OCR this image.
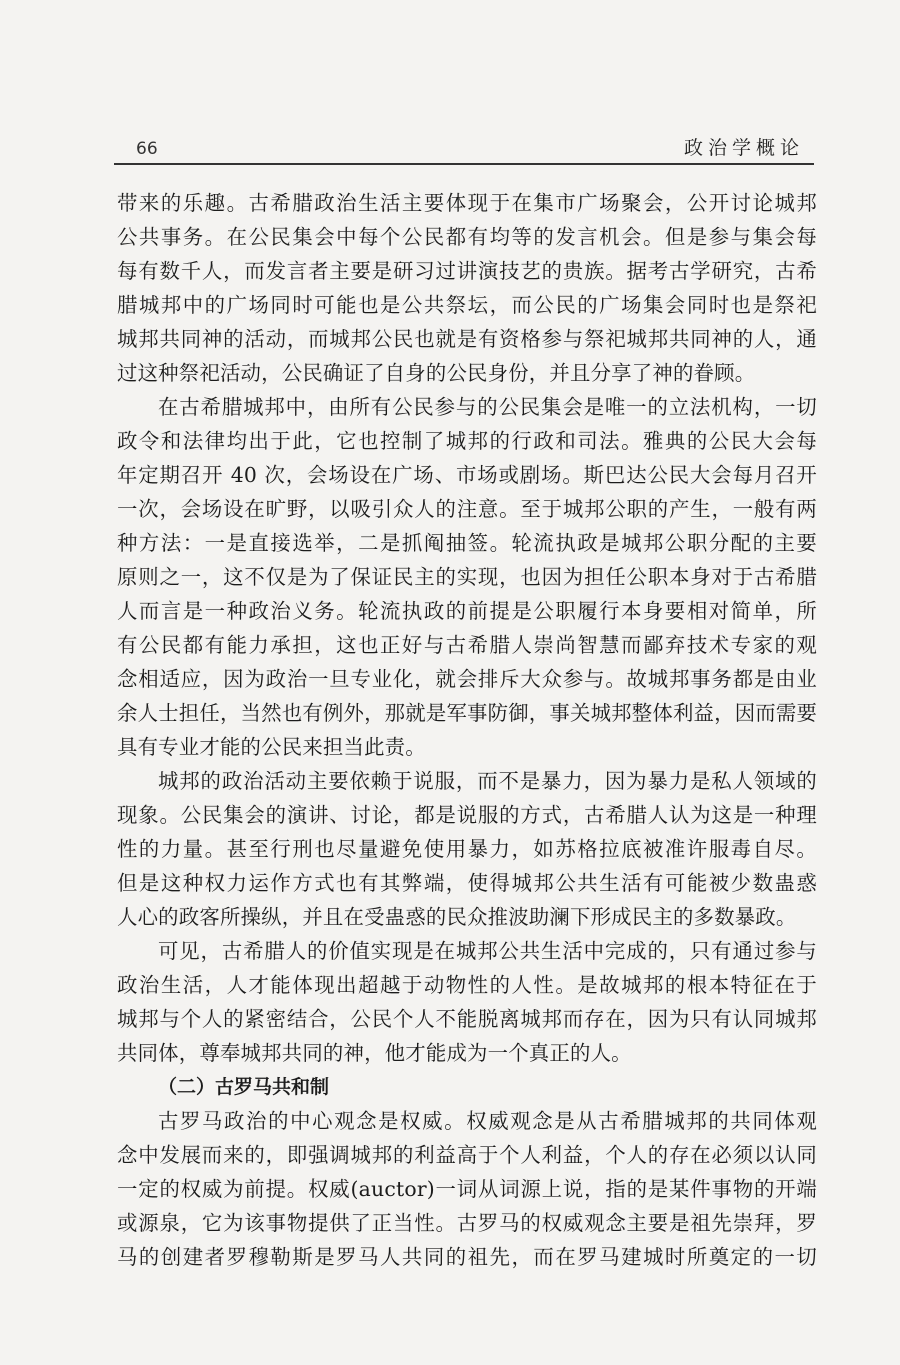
66	政治学概论
带来的乐趣。古希腊政治生活主要体现于在集市广场聚会，公开讨论城邦
公共事务。在公民集会中每个公民都有均等的发言机会。但是参与集会每
每有数千人，而发言者主要是研习过讲演技艺的贵族。据考古学研究，古希
腊城邦中的广场同时可能也是公共祭坛，而公民的广场集会同时也是祭祀
城邦共同神的活动，而城邦公民也就是有资格参与祭祀城邦共同神的人，通
过这种祭祀活动，公民确证了自身的公民身份，并且分享了神的眷顾。
在古希腊城邦中，由所有公民参与的公民集会是唯一的立法机构，一切
政令和法律均出于此，它也控制了城邦的行政和司法。雅典的公民大会每
年定期召开 40 次，会场设在广场、市场或剧场。斯巴达公民大会每月召开
一次，会场设在旷野，以吸引众人的注意。至于城邦公职的产生，一般有两
种方法：一是直接选举，二是抓阄抽签。轮流执政是城邦公职分配的主要
原则之一，这不仅是为了保证民主的实现，也因为担任公职本身对于古希腊
人而言是一种政治义务。轮流执政的前提是公职履行本身要相对简单，所
有公民都有能力承担，这也正好与古希腊人崇尚智慧而鄙弃技术专家的观
念相适应，因为政治一旦专业化，就会排斥大众参与。故城邦事务都是由业
余人士担任，当然也有例外，那就是军事防御，事关城邦整体利益，因而需要
具有专业才能的公民来担当此责。
城邦的政治活动主要依赖于说服，而不是暴力，因为暴力是私人领域的
现象。公民集会的演讲、讨论，都是说服的方式，古希腊人认为这是一种理
性的力量。甚至行刑也尽量避免使用暴力，如苏格拉底被准许服毒自尽。
但是这种权力运作方式也有其弊端，使得城邦公共生活有可能被少数蛊惑
人心的政客所操纵，并且在受蛊惑的民众推波助澜下形成民主的多数暴政。
可见，古希腊人的价值实现是在城邦公共生活中完成的，只有通过参与
政治生活，人才能体现出超越于动物性的人性。是故城邦的根本特征在于
城邦与个人的紧密结合，公民个人不能脱离城邦而存在，因为只有认同城邦
共同体，尊奉城邦共同的神，他才能成为一个真正的人。
（二）古罗马共和制
古罗马政治的中心观念是权威。权威观念是从古希腊城邦的共同体观
念中发展而来的，即强调城邦的利益高于个人利益，个人的存在必须以认同
一定的权威为前提。权威(auctor)一词从词源上说，指的是某件事物的开端
或源泉，它为该事物提供了正当性。古罗马的权威观念主要是祖先崇拜，罗
马的创建者罗穆勒斯是罗马人共同的祖先，而在罗马建城时所奠定的一切
